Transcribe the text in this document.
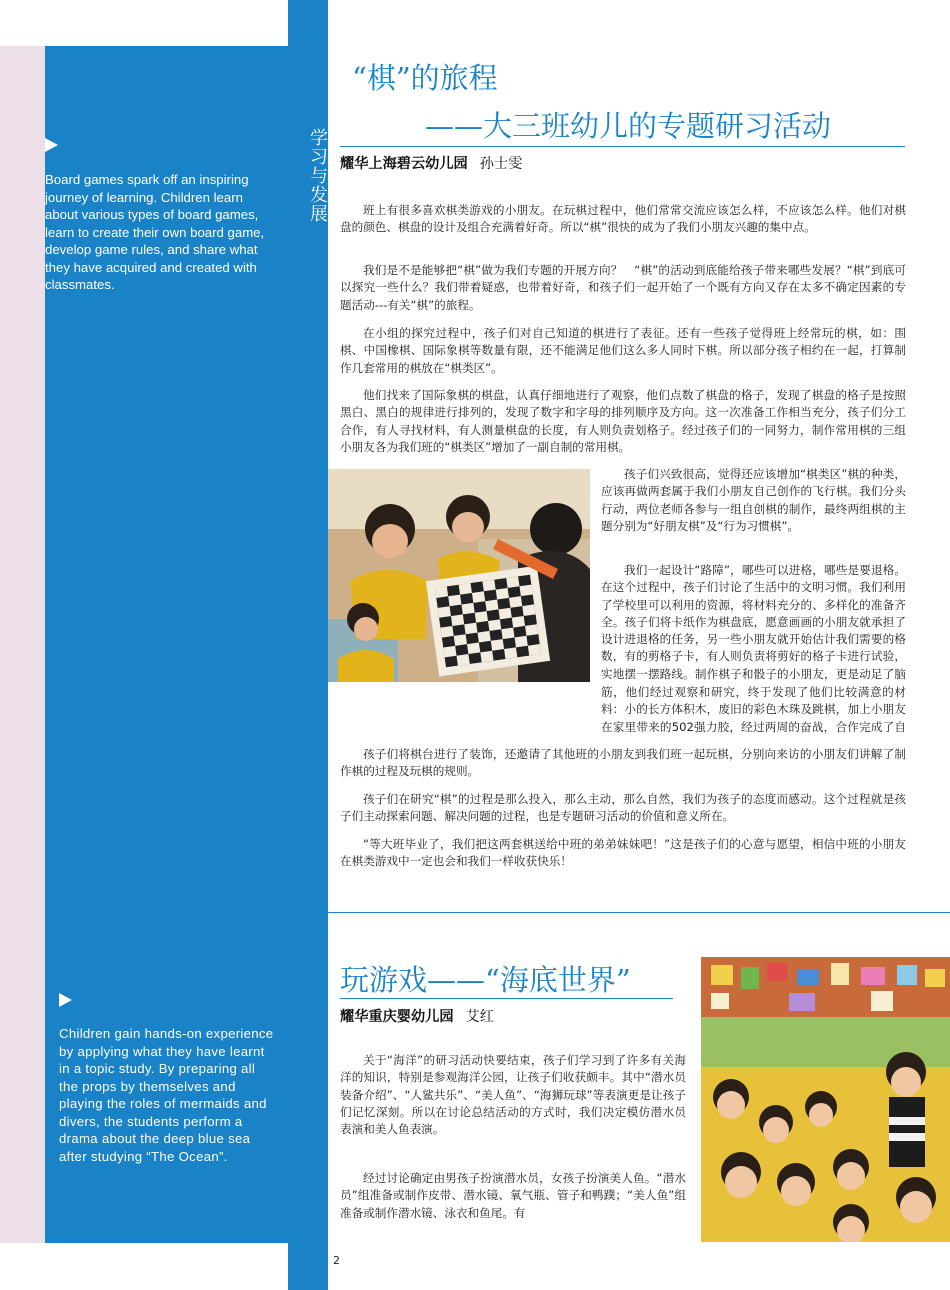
Board games spark off an inspiring journey of learning. Children learn about various types of board games, learn to create their own board game, develop game rules, and share what they have acquired and created with classmates.
Children gain hands-on experience by applying what they have learnt in a topic study. By preparing all the props by themselves and playing the roles of mermaids and divers, the students perform a drama about the deep blue sea after studying “The Ocean”.
学习与发展
“棋”的旅程
——大三班幼儿的专题研习活动
耀华上海碧云幼儿园 孙士雯
班上有很多喜欢棋类游戏的小朋友。在玩棋过程中，他们常常交流应该怎么样，不应该怎么样。他们对棋盘的颜色、棋盘的设计及组合充满着好奇。所以“棋”很快的成为了我们小朋友兴趣的集中点。
我们是不是能够把“棋”做为我们专题的开展方向？　“棋”的活动到底能给孩子带来哪些发展？“棋”到底可以探究一些什么？我们带着疑惑，也带着好奇，和孩子们一起开始了一个既有方向又存在太多不确定因素的专题活动---有关“棋”的旅程。
在小组的探究过程中，孩子们对自己知道的棋进行了表征。还有一些孩子觉得班上经常玩的棋，如：围棋、中国橡棋、国际象棋等数量有限，还不能满足他们这么多人同时下棋。所以部分孩子相约在一起，打算制作几套常用的棋放在“棋类区”。
他们找来了国际象棋的棋盘，认真仔细地进行了观察，他们点数了棋盘的格子，发现了棋盘的格子是按照黑白、黑白的规律进行排列的，发现了数字和字母的排列顺序及方向。这一次准备工作相当充分，孩子们分工合作，有人寻找材料，有人测量棋盘的长度，有人则负责划格子。经过孩子们的一同努力，制作常用棋的三组小朋友各为我们班的“棋类区”增加了一副自制的常用棋。
孩子们兴致很高，觉得还应该增加“棋类区”棋的种类，应该再做两套属于我们小朋友自己创作的飞行棋。我们分头行动，两位老师各参与一组自创棋的制作，最终两组棋的主题分别为“好朋友棋”及“行为习惯棋”。
我们一起设计“路障”，哪些可以进格，哪些是要退格。在这个过程中，孩子们讨论了生活中的文明习惯。我们利用了学校里可以利用的资源，将材料充分的、多样化的准备齐全。孩子们将卡纸作为棋盘底，愿意画画的小朋友就承担了设计进退格的任务，另一些小朋友就开始估计我们需要的格数，有的剪格子卡，有人则负责将剪好的格子卡进行试验，实地摆一摆路线。制作棋子和骰子的小朋友，更是动足了脑
筋，他们经过观察和研究，终于发现了他们比较满意的材料：小的长方体积木，废旧的彩色木珠及跳棋，加上小朋友在家里带来的502强力胶，经过两周的奋战，合作完成了自
孩子们将棋台进行了装饰，还邀请了其他班的小朋友到我们班一起玩棋，分别向来访的小朋友们讲解了制作棋的过程及玩棋的规则。
孩子们在研究“棋”的过程是那么投入，那么主动，那么自然，我们为孩子的态度而感动。这个过程就是孩子们主动探索问题、解决问题的过程，也是专题研习活动的价值和意义所在。
“等大班毕业了，我们把这两套棋送给中班的弟弟妹妹吧！”这是孩子们的心意与愿望，相信中班的小朋友在棋类游戏中一定也会和我们一样收获快乐！
玩游戏——“海底世界”
耀华重庆婴幼儿园 艾红
关于“海洋”的研习活动快要结束，孩子们学习到了许多有关海洋的知识，特别是参观海洋公园，让孩子们收获颇丰。其中“潜水员装备介绍”、“人鲨共乐”、“美人鱼”、“海狮玩球”等表演更是让孩子们记忆深刻。所以在讨论总结活动的方式时，我们决定模仿潜水员表演和美人鱼表演。
经过讨论确定由男孩子扮演潜水员，女孩子扮演美人鱼。“潜水员”组准备或制作皮带、潜水镜、氧气瓶、管子和鸭蹼；“美人鱼”组准备或制作潜水镜、泳衣和鱼尾。有
2
